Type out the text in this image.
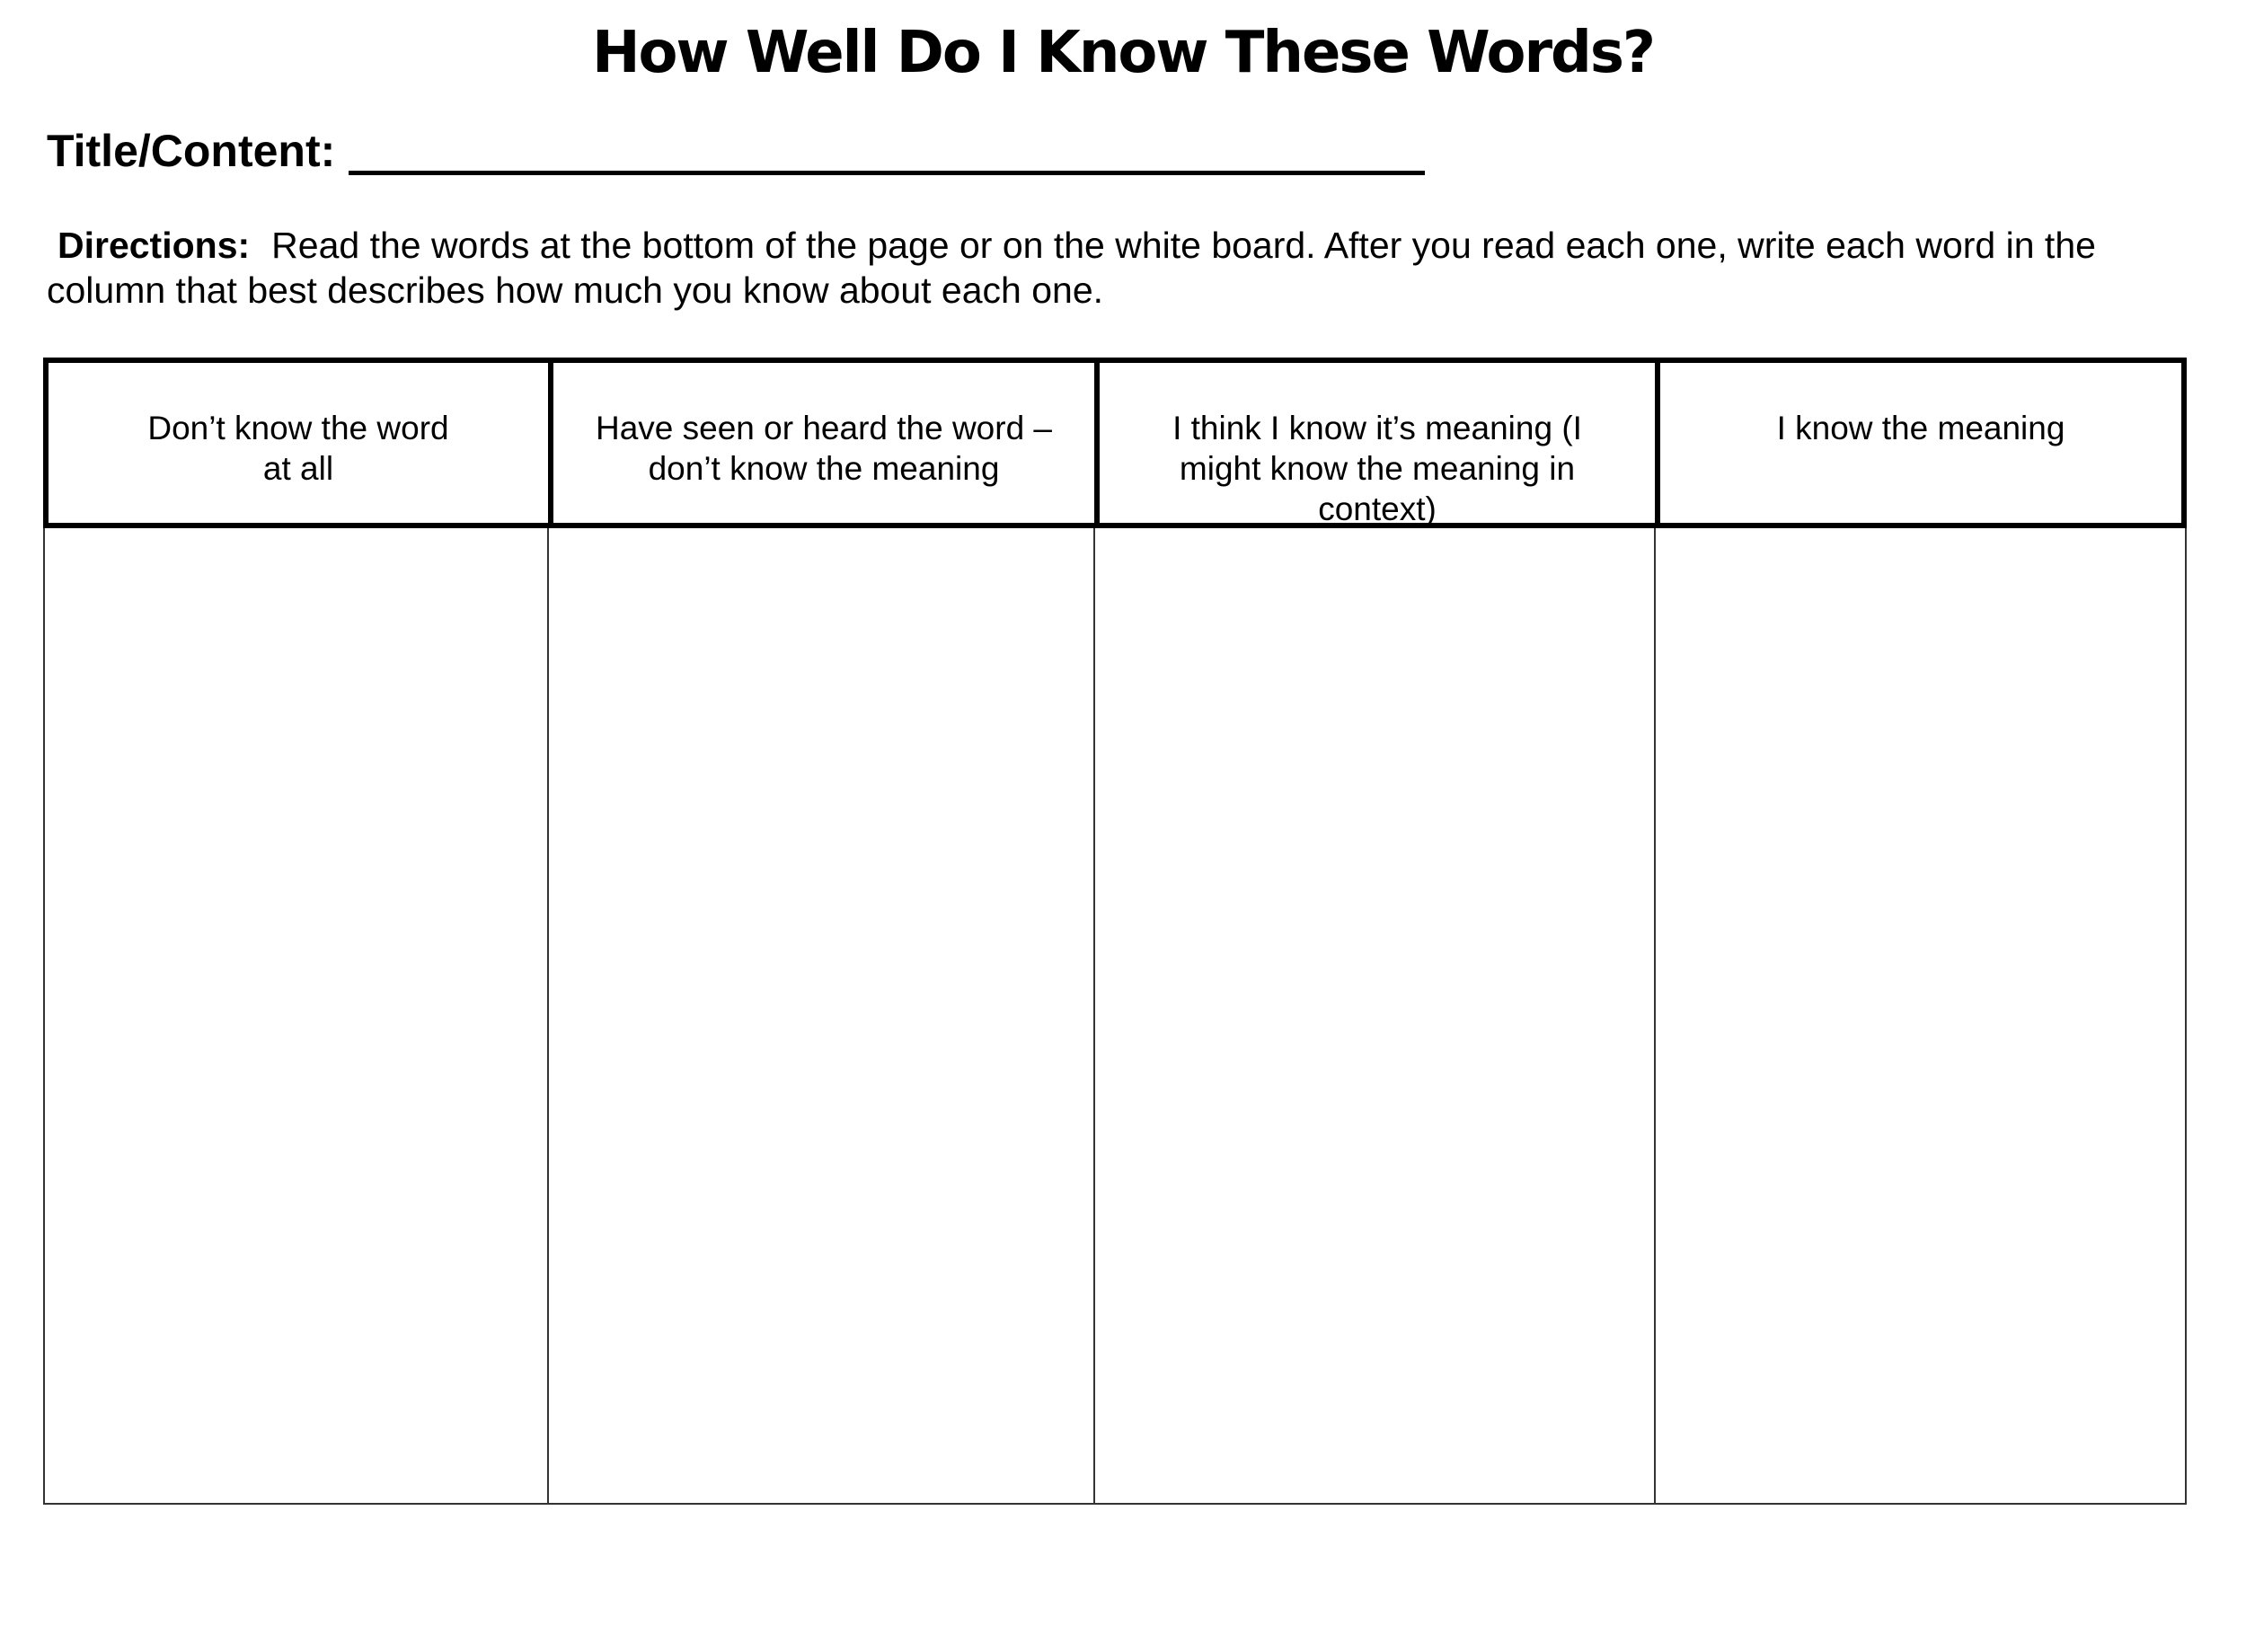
How Well Do I Know These Words?
Title/Content:
Directions: Read the words at the bottom of the page or on the white board. After you read each one, write each word in the column that best describes how much you know about each one.
Don’t know the word
at all
Have seen or heard the word –
don’t know the meaning
I think I know it’s meaning (I
might know the meaning in
context)
I know the meaning
